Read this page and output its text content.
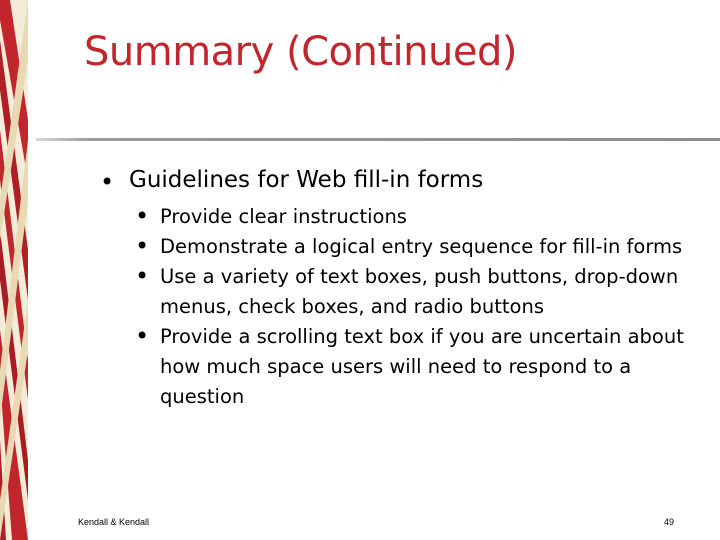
Summary (Continued)
• Guidelines for Web fill-in forms
• Provide clear instructions
• Demonstrate a logical entry sequence for fill-in forms
• Use a variety of text boxes, push buttons, drop-down menus, check boxes, and radio buttons
• Provide a scrolling text box if you are uncertain about how much space users will need to respond to a question
Kendall & Kendall	49
